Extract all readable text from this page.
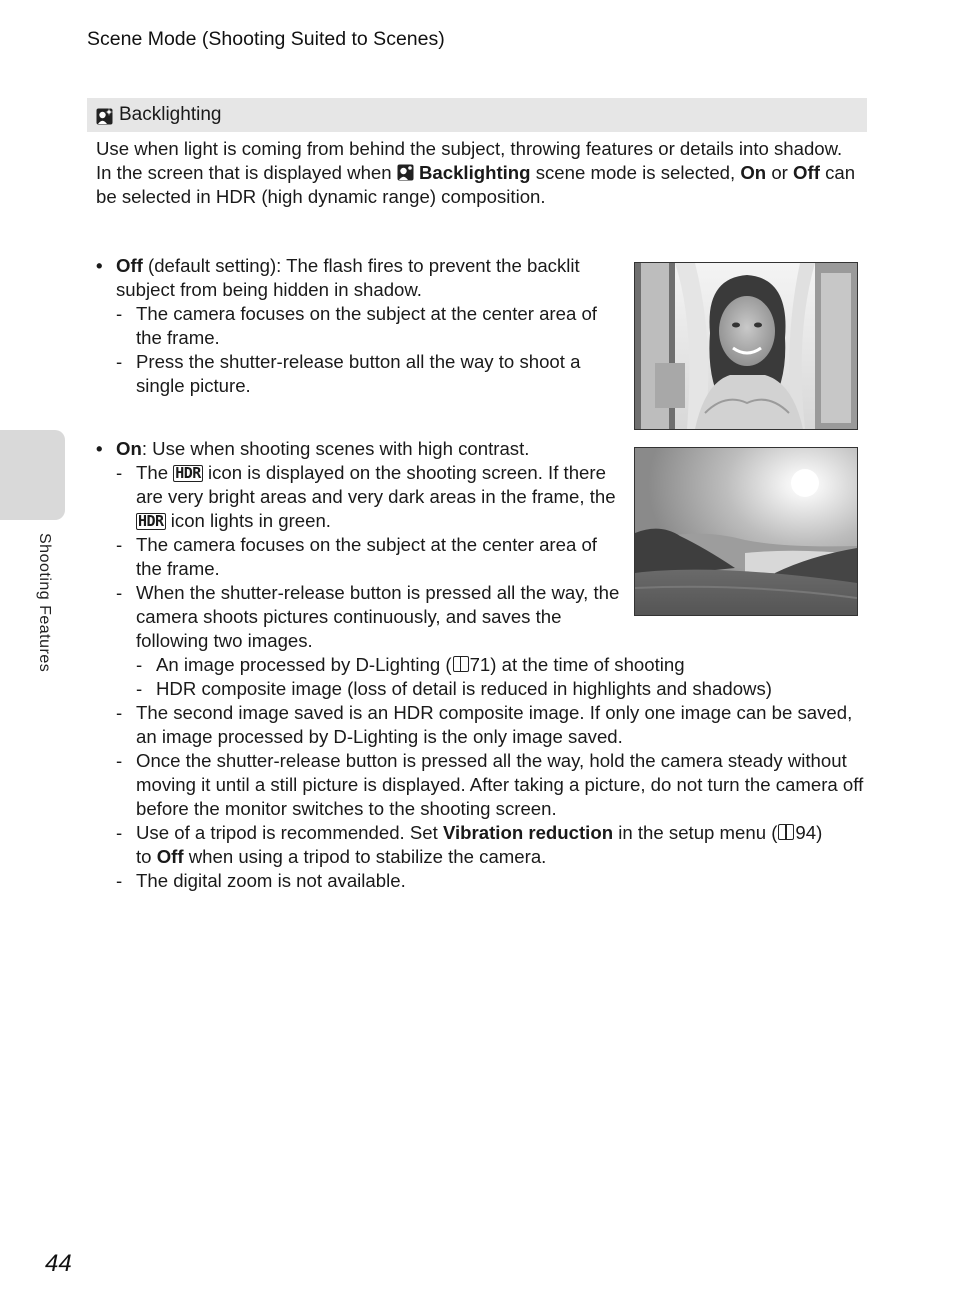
Scene Mode (Shooting Suited to Scenes)
Backlighting

Use when light is coming from behind the subject, throwing features or details into shadow.

In the screen that is displayed when  Backlighting scene mode is selected, On or Off can be selected in HDR (high dynamic range) composition.

• Off (default setting): The flash fires to prevent the backlit subject from being hidden in shadow.
- The camera focuses on the subject at the center area of the frame.
- Press the shutter-release button all the way to shoot a single picture.
• On: Use when shooting scenes with high contrast.
- The HDR icon is displayed on the shooting screen. If there are very bright areas and very dark areas in the frame, the HDR icon lights in green.
- The camera focuses on the subject at the center area of the frame.
- When the shutter-release button is pressed all the way, the camera shoots pictures continuously, and saves the following two images.
- An image processed by D-Lighting ( 71) at the time of shooting
- HDR composite image (loss of detail is reduced in highlights and shadows)
- The second image saved is an HDR composite image. If only one image can be saved, an image processed by D-Lighting is the only image saved.
- Once the shutter-release button is pressed all the way, hold the camera steady without moving it until a still picture is displayed. After taking a picture, do not turn the camera off before the monitor switches to the shooting screen.
- Use of a tripod is recommended. Set Vibration reduction in the setup menu ( 94)
to Off when using a tripod to stabilize the camera.
- The digital zoom is not available.
Shooting Features
44
